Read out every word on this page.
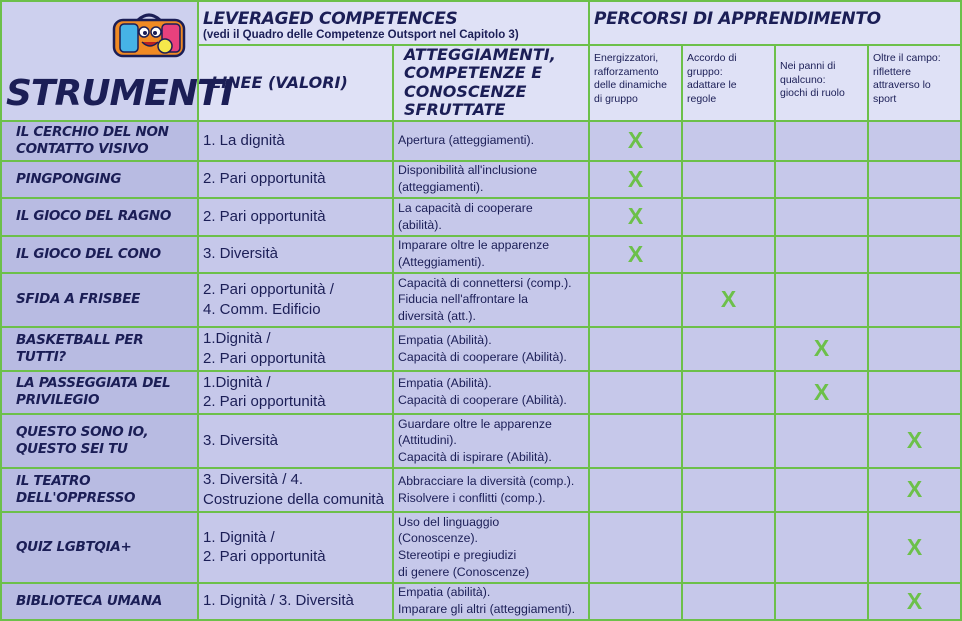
STRUMENTI	LEVERAGED COMPETENCES
(vedi il Quadro delle Competenze Outsport nel Capitolo 3)		PERCORSI DI APPRENDIMENTO			

	LINEE (VALORI)	ATTEGGIAMENTI,
COMPETENZE E
CONOSCENZE SFRUTTATE	Energizzatori,
rafforzamento
delle dinamiche
di gruppo	Accordo di
gruppo:
adattare le
regole	Nei panni di
qualcuno:
giochi di ruolo	Oltre il campo:
riflettere
attraverso lo
sport
IL CERCHIO DEL NON
CONTATTO VISIVO	1. La dignità	Apertura (atteggiamenti).	X			
PINGPONGING	2. Pari opportunità	Disponibilità all'inclusione
(atteggiamenti).	X			
IL GIOCO DEL RAGNO	2. Pari opportunità	La capacità di cooperare
(abilità).	X			
IL GIOCO DEL CONO	3. Diversità	Imparare oltre le apparenze
(Atteggiamenti).	X			
SFIDA A FRISBEE	2. Pari opportunità /
4. Comm. Edificio	Capacità di connettersi (comp.).
Fiducia nell'affrontare la
diversità (att.).		X		
BASKETBALL PER TUTTI?	1.Dignità /
2. Pari opportunità	Empatia (Abilità).
Capacità di cooperare (Abilità).			X	
LA PASSEGGIATA DEL PRIVILEGIO	1.Dignità /
2. Pari opportunità	Empatia (Abilità).
Capacità di cooperare (Abilità).			X	
QUESTO SONO IO, QUESTO SEI TU	3. Diversità	Guardare oltre le apparenze
(Attitudini).
Capacità di ispirare (Abilità).				X
IL TEATRO DELL'OPPRESSO	3. Diversità / 4.
Costruzione della comunità	Abbracciare la diversità (comp.).
Risolvere i conflitti (comp.).				X
QUIZ LGBTQIA+	1. Dignità /
2. Pari opportunità	Uso del linguaggio
(Conoscenze).
Stereotipi e pregiudizi
di genere (Conoscenze)				X
BIBLIOTECA UMANA	1. Dignità / 3. Diversità	Empatia (abilità).
Imparare gli altri (atteggiamenti).				X
